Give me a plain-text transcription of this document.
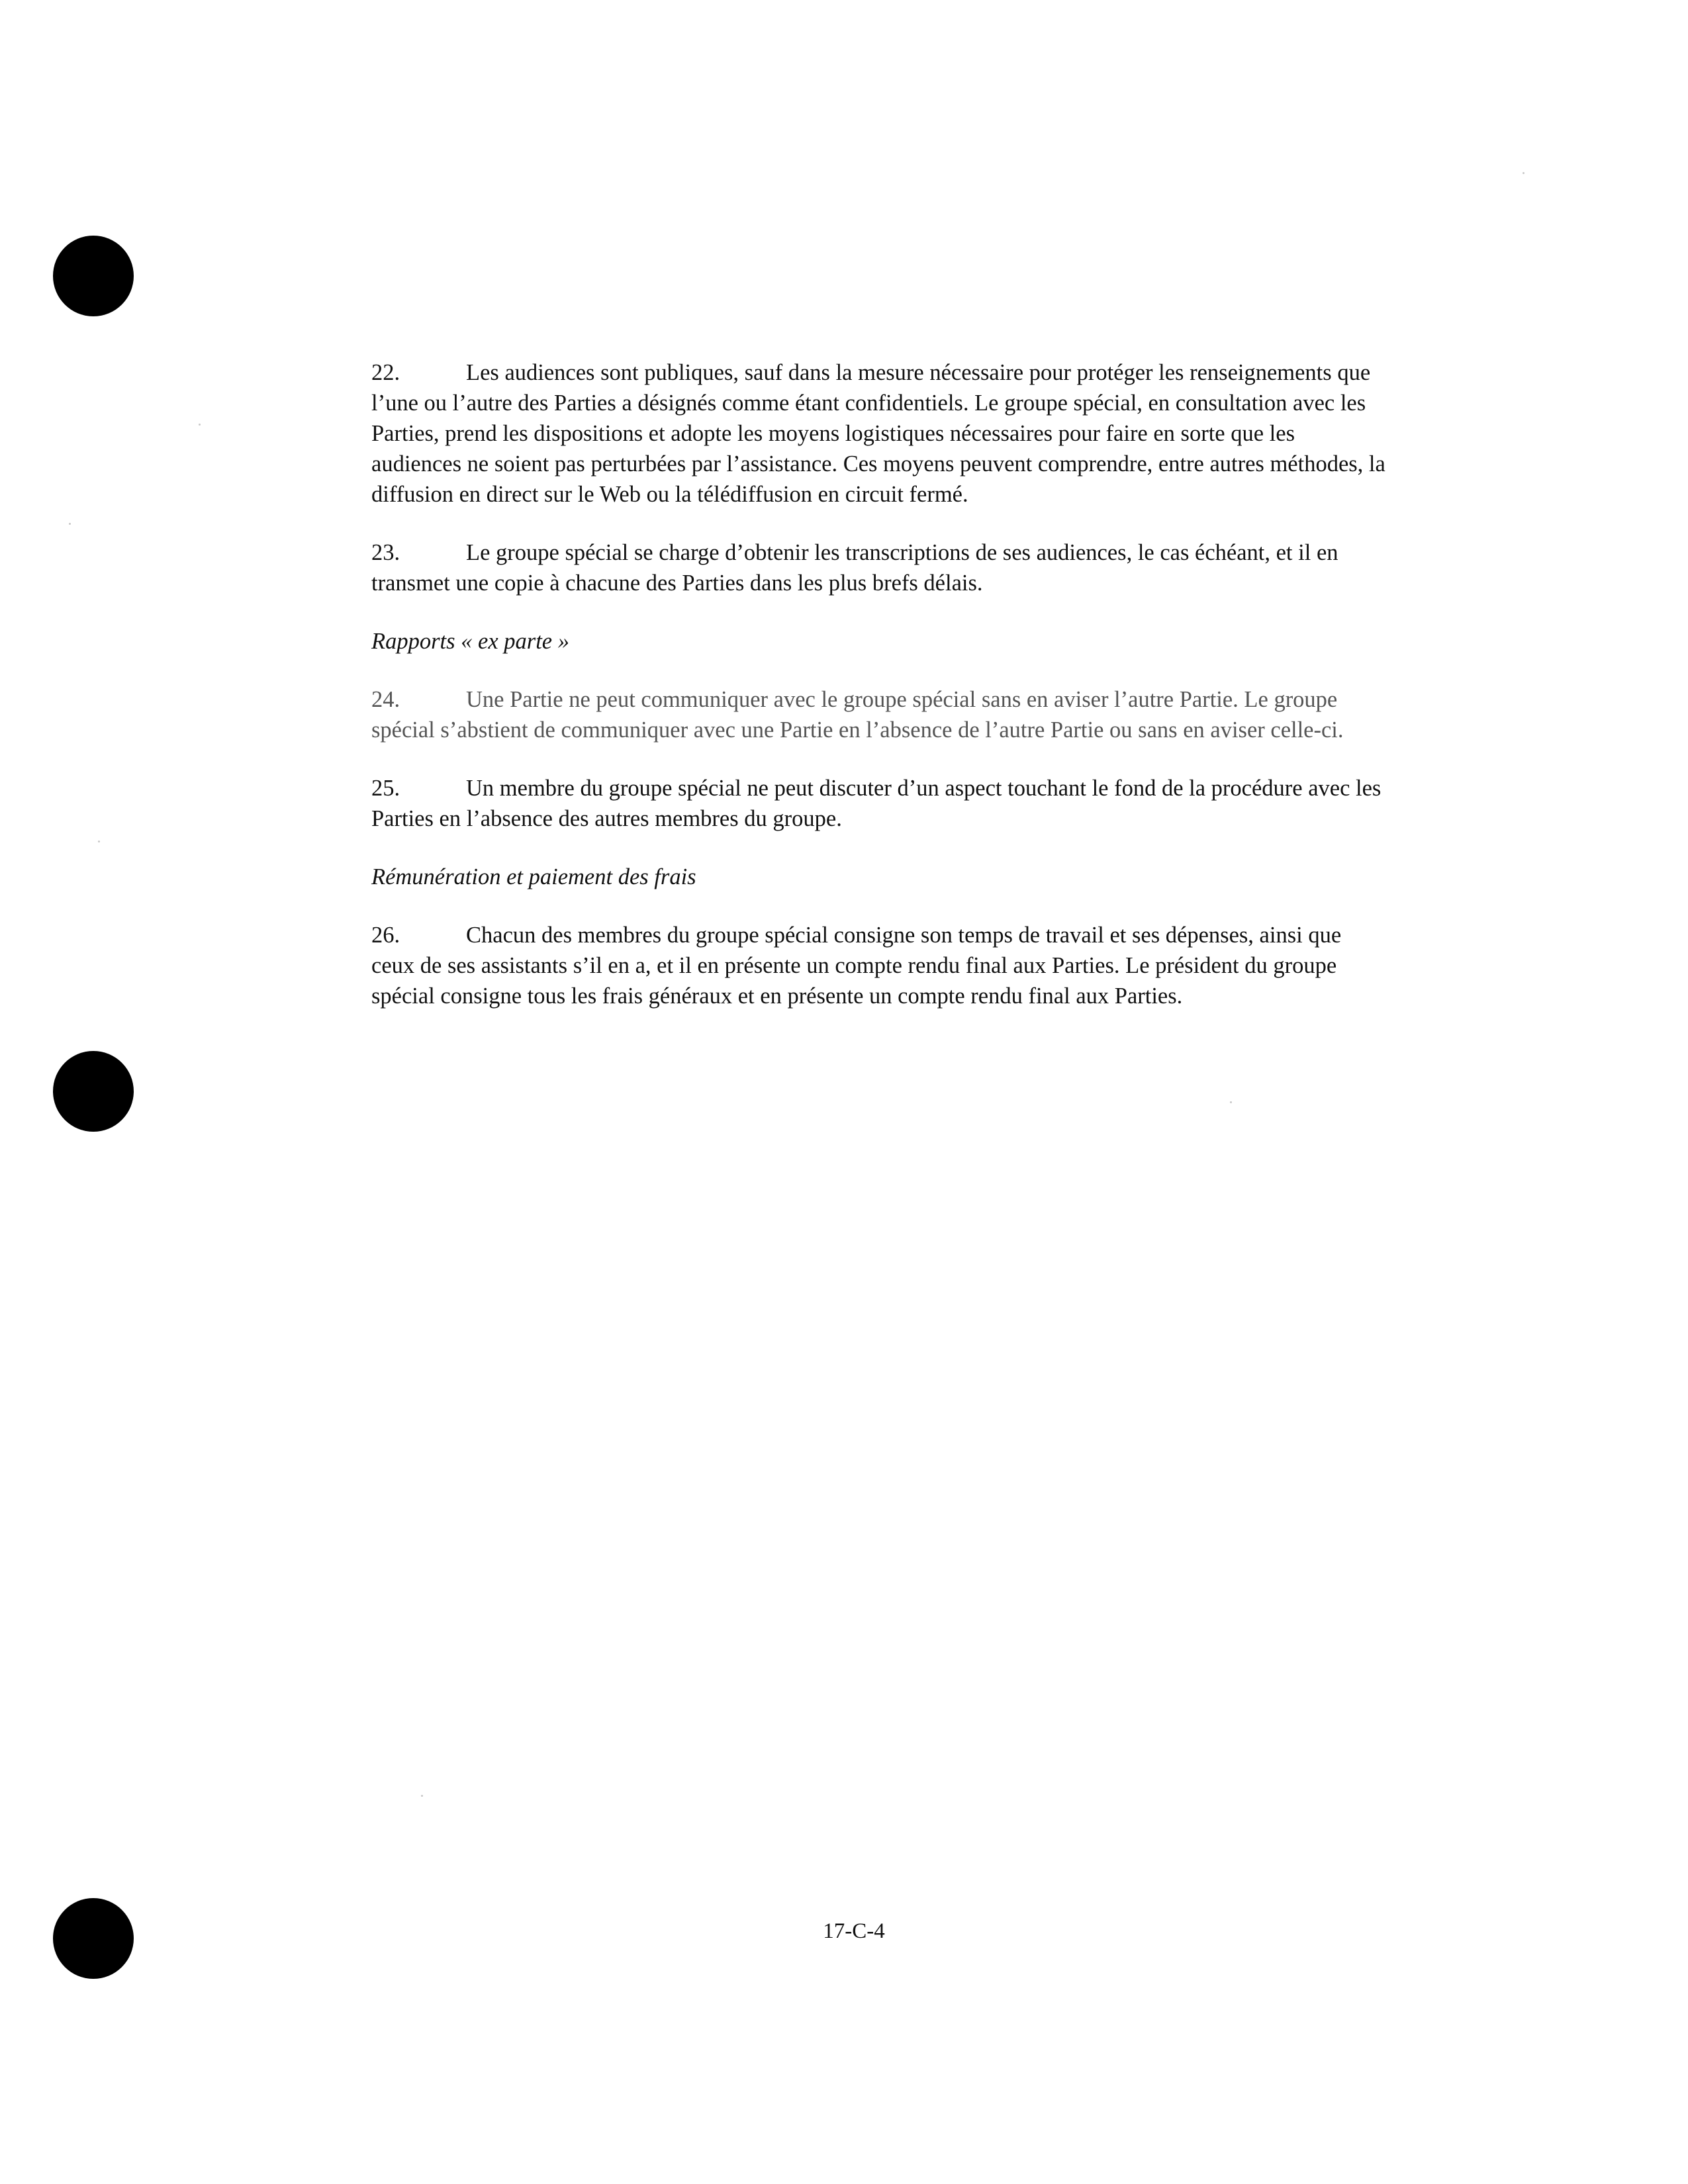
22.	Les audiences sont publiques, sauf dans la mesure nécessaire pour protéger les renseignements que l’une ou l’autre des Parties a désignés comme étant confidentiels. Le groupe spécial, en consultation avec les Parties, prend les dispositions et adopte les moyens logistiques nécessaires pour faire en sorte que les audiences ne soient pas perturbées par l’assistance. Ces moyens peuvent comprendre, entre autres méthodes, la diffusion en direct sur le Web ou la télédiffusion en circuit fermé.

23.	Le groupe spécial se charge d’obtenir les transcriptions de ses audiences, le cas échéant, et il en transmet une copie à chacune des Parties dans les plus brefs délais.

Rapports « ex parte »

24.	Une Partie ne peut communiquer avec le groupe spécial sans en aviser l’autre Partie. Le groupe spécial s’abstient de communiquer avec une Partie en l’absence de l’autre Partie ou sans en aviser celle-ci.

25.	Un membre du groupe spécial ne peut discuter d’un aspect touchant le fond de la procédure avec les Parties en l’absence des autres membres du groupe.

Rémunération et paiement des frais

26.	Chacun des membres du groupe spécial consigne son temps de travail et ses dépenses, ainsi que ceux de ses assistants s’il en a, et il en présente un compte rendu final aux Parties. Le président du groupe spécial consigne tous les frais généraux et en présente un compte rendu final aux Parties.

17-C-4
